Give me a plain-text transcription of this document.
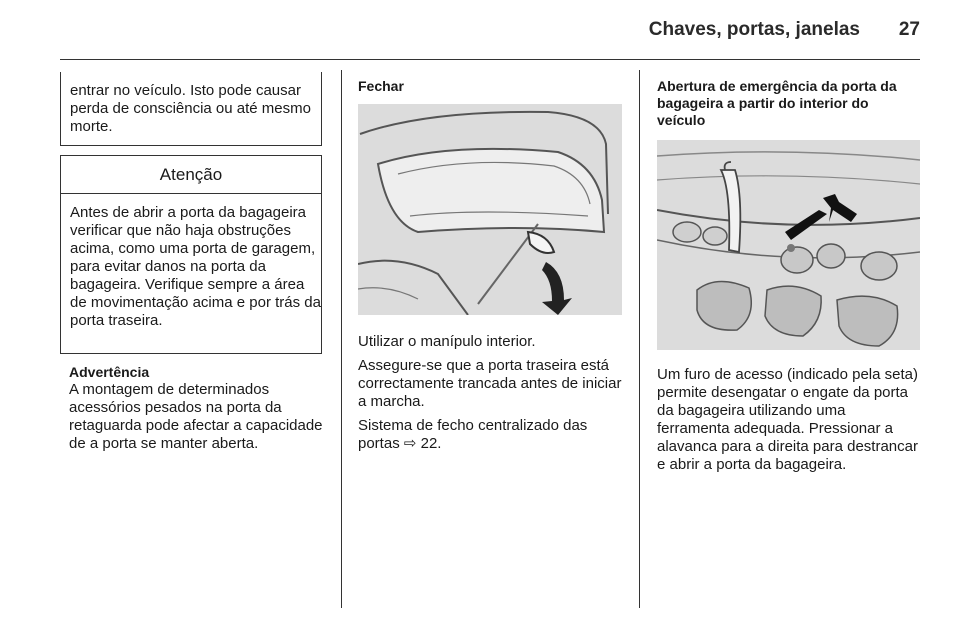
Chaves, portas, janelas	27

entrar no veículo. Isto pode causar perda de consciência ou até mesmo morte.

Atenção

Antes de abrir a porta da bagageira verificar que não haja obstruções acima, como uma porta de garagem, para evitar danos na porta da bagageira. Verifique sempre a área de movimentação acima e por trás da porta traseira.

Advertência

A montagem de determinados acessórios pesados na porta da retaguarda pode afectar a capacidade de a porta se manter aberta.

Fechar

Utilizar o manípulo interior.

Assegure-se que a porta traseira está correctamente trancada antes de iniciar a marcha.

Sistema de fecho centralizado das portas ⇨ 22.

Abertura de emergência da porta da bagageira a partir do interior do veículo

Um furo de acesso (indicado pela seta) permite desengatar o engate da porta da bagageira utilizando uma ferramenta adequada. Pressionar a alavanca para a direita para destrancar e abrir a porta da bagageira.
